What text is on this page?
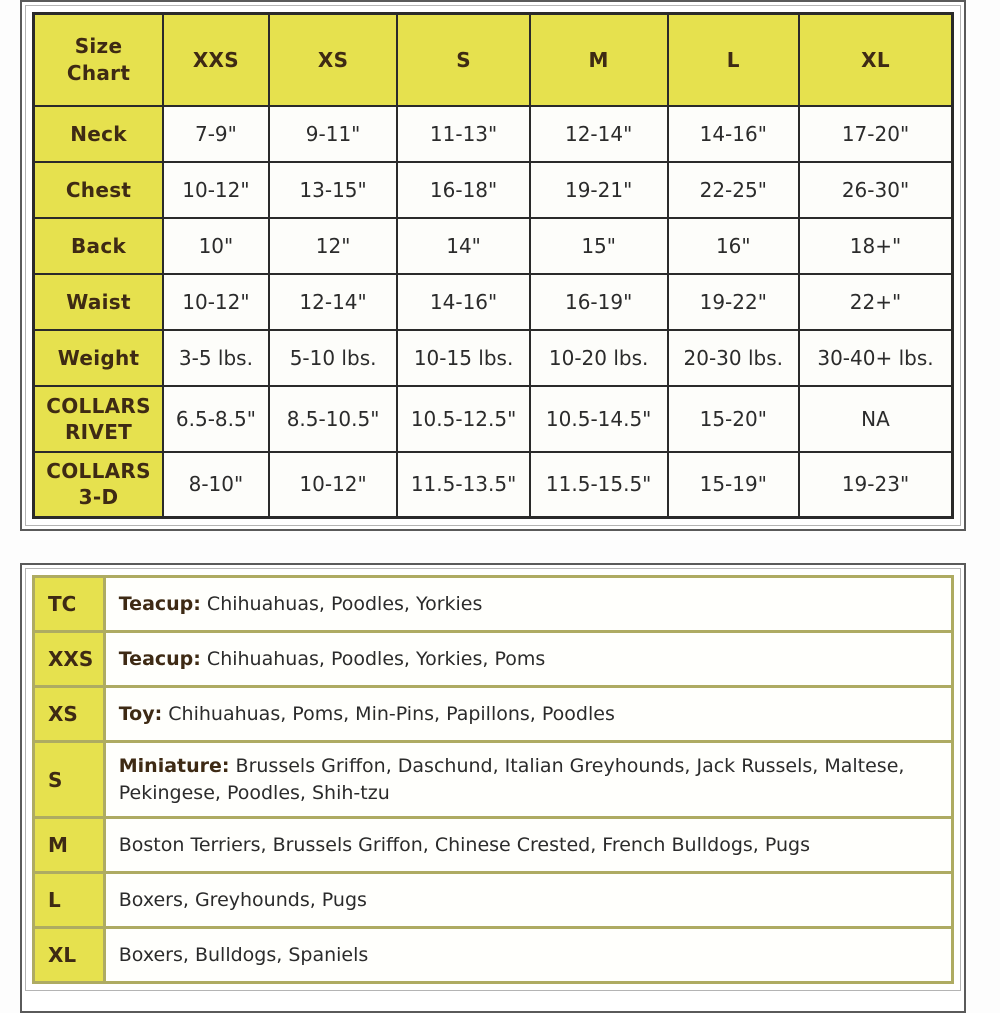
Size Chart	XXS	XS	S	M	L	XL
Neck	7-9"	9-11"	11-13"	12-14"	14-16"	17-20"
Chest	10-12"	13-15"	16-18"	19-21"	22-25"	26-30"
Back	10"	12"	14"	15"	16"	18+"
Waist	10-12"	12-14"	14-16"	16-19"	19-22"	22+"
Weight	3-5 lbs.	5-10 lbs.	10-15 lbs.	10-20 lbs.	20-30 lbs.	30-40+ lbs.
COLLARS RIVET	6.5-8.5"	8.5-10.5"	10.5-12.5"	10.5-14.5"	15-20"	NA
COLLARS 3-D	8-10"	10-12"	11.5-13.5"	11.5-15.5"	15-19"	19-23"
TC	Teacup: Chihuahuas, Poodles, Yorkies
XXS	Teacup: Chihuahuas, Poodles, Yorkies, Poms
XS	Toy: Chihuahuas, Poms, Min-Pins, Papillons, Poodles
S	Miniature: Brussels Griffon, Daschund, Italian Greyhounds, Jack Russels, Maltese, Pekingese, Poodles, Shih-tzu
M	Boston Terriers, Brussels Griffon, Chinese Crested, French Bulldogs, Pugs
L	Boxers, Greyhounds, Pugs
XL	Boxers, Bulldogs, Spaniels
